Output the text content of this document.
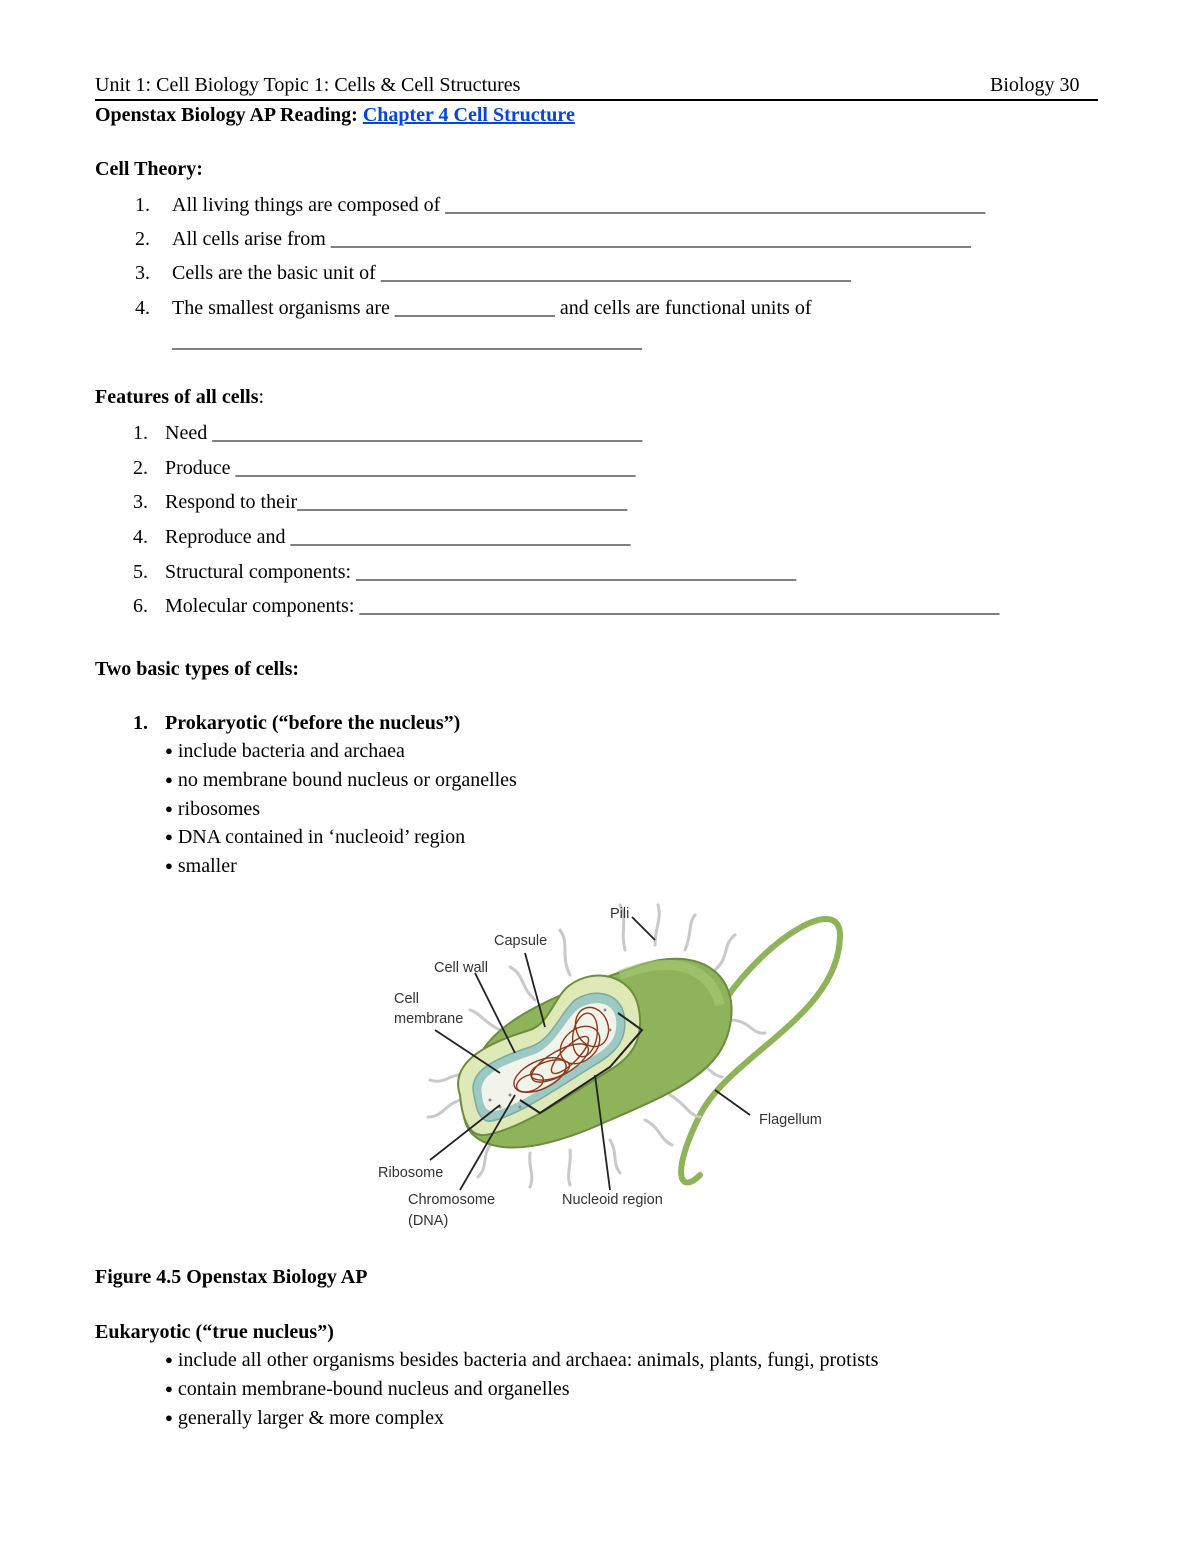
Unit 1: Cell Biology Topic 1: Cells & Cell Structures	Biology 30
Openstax Biology AP Reading: Chapter 4 Cell Structure
Cell Theory:
1. All living things are composed of ______________________________________________________
2. All cells arise from ________________________________________________________________
3. Cells are the basic unit of _______________________________________________
4. The smallest organisms are ________________ and cells are functional units of
_______________________________________________
Features of all cells:
1. Need ___________________________________________
2. Produce ________________________________________
3. Respond to their_________________________________
4. Reproduce and __________________________________
5. Structural components: ____________________________________________
6. Molecular components: ________________________________________________________________
Two basic types of cells:
1. Prokaryotic (“before the nucleus”)
● include bacteria and archaea
● no membrane bound nucleus or organelles
● ribosomes
● DNA contained in ‘nucleoid’ region
● smaller
Pili
Capsule
Cell wall
Cell
membrane
Flagellum
Ribosome
Chromosome
(DNA)
Nucleoid region
Figure 4.5 Openstax Biology AP
Eukaryotic (“true nucleus”)
● include all other organisms besides bacteria and archaea: animals, plants, fungi, protists
● contain membrane-bound nucleus and organelles
● generally larger & more complex
